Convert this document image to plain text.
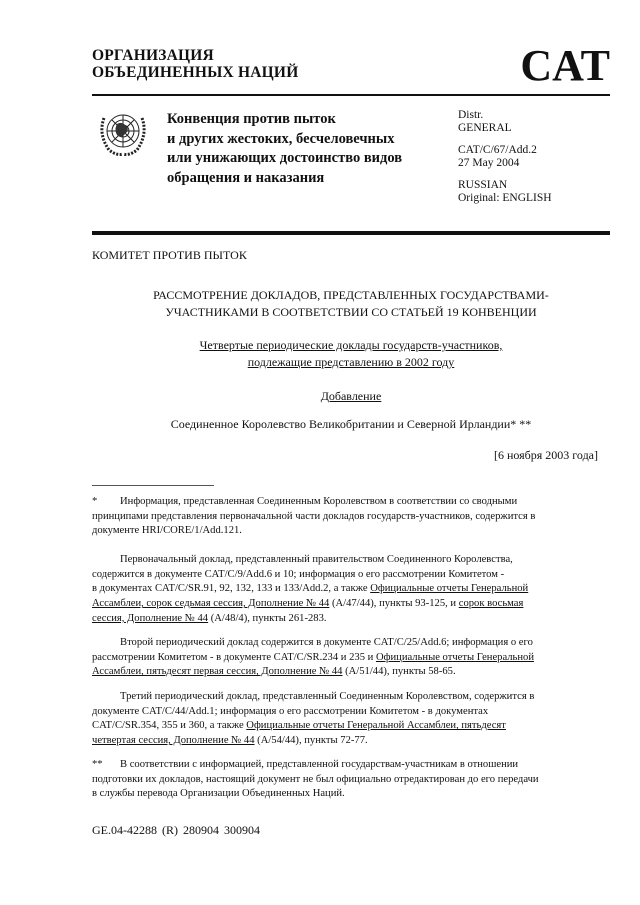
ОРГАНИЗАЦИЯ
ОБЪЕДИНЕННЫХ НАЦИЙ	CAT
Конвенция против пыток
и других жестоких, бесчеловечных
или унижающих достоинство видов
обращения и наказания
Distr.
GENERAL
CAT/C/67/Add.2
27 May 2004
RUSSIAN
Original: ENGLISH
КОМИТЕТ ПРОТИВ ПЫТОК
РАССМОТРЕНИЕ ДОКЛАДОВ, ПРЕДСТАВЛЕННЫХ ГОСУДАРСТВАМИ-
УЧАСТНИКАМИ В СООТВЕТСТВИИ СО СТАТЬЕЙ 19 КОНВЕНЦИИ
Четвертые периодические доклады государств-участников,
подлежащие представлению в 2002 году
Добавление
Соединенное Королевство Великобритании и Северной Ирландии* **
[6 ноября 2003 года]
* Информация, представленная Соединенным Королевством в соответствии со сводными
принципами представления первоначальной части докладов государств-участников, содержится в
документе HRI/CORE/1/Add.121.
Первоначальный доклад, представленный правительством Соединенного Королевства,
содержится в документе CAT/C/9/Add.6 и 10; информация о его рассмотрении Комитетом -
в документах CAT/C/SR.91, 92, 132, 133 и 133/Add.2, а также Официальные отчеты Генеральной
Ассамблеи, сорок седьмая сессия, Дополнение № 44 (A/47/44), пункты 93-125, и сорок восьмая
сессия, Дополнение № 44 (A/48/4), пункты 261-283.
Второй периодический доклад содержится в документе CAT/C/25/Add.6; информация о его
рассмотрении Комитетом - в документе CAT/C/SR.234 и 235 и Официальные отчеты Генеральной
Ассамблеи, пятьдесят первая сессия, Дополнение № 44 (A/51/44), пункты 58-65.
Третий периодический доклад, представленный Соединенным Королевством, содержится в
документе CAT/C/44/Add.1; информация о его рассмотрении Комитетом - в документах
CAT/C/SR.354, 355 и 360, а также Официальные отчеты Генеральной Ассамблеи, пятьдесят
четвертая сессия, Дополнение № 44 (A/54/44), пункты 72-77.
** В соответствии с информацией, представленной государствам-участникам в отношении
подготовки их докладов, настоящий документ не был официально отредактирован до его передачи
в службы перевода Организации Объединенных Наций.
GE.04-42288 (R) 280904 300904
